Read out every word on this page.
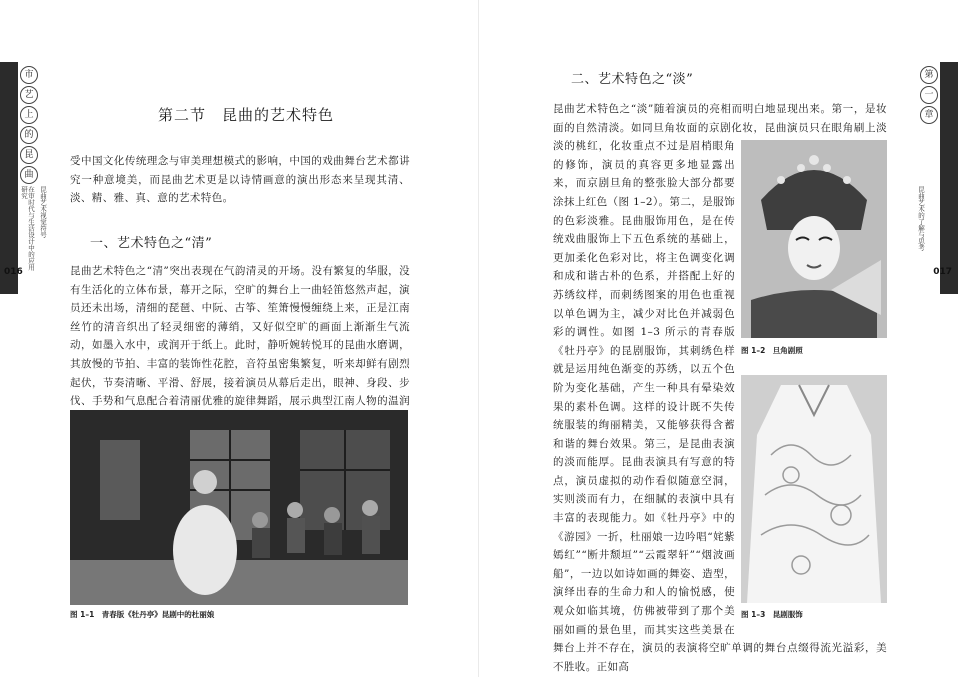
市
艺
上
的
昆
曲
在审时代与生活设计中的应用研究	昆曲艺术视觉符号
016
第二节　昆曲的艺术特色
受中国文化传统理念与审美理想模式的影响，中国的戏曲舞台艺术都讲究一种意境美，而昆曲艺术更是以诗情画意的演出形态来呈现其清、淡、精、雅、真、意的艺术特色。
一、艺术特色之“清”
昆曲艺术特色之“清”突出表现在气韵清灵的开场。没有繁复的华服，没有生活化的立体布景，幕开之际，空旷的舞台上一曲轻笛悠然声起，演员还未出场，清细的琵琶、中阮、古筝、笙箫慢慢缠绕上来，正是江南丝竹的清音织出了轻灵细密的薄绡，又好似空旷的画面上渐渐生气流动，如墨入水中，或润开于纸上。此时，静听婉转悦耳的昆曲水磨调，其放慢的节拍、丰富的装饰性花腔，音符虽密集繁复，听来却鲜有剧烈起伏，节奏清晰、平滑、舒展，接着演员从幕后走出，眼神、身段、步伐、手势和气息配合着清丽优雅的旋律舞蹈，展示典型江南人物的温润
图 1–1　青春版《牡丹亭》昆剧中的杜丽娘
第
一
章
昆曲艺术的了解与思考
017
二、艺术特色之“淡”
图 1–2　旦角剧照
图 1–3　昆剧服饰
昆曲艺术特色之“淡”随着演员的亮相而明白地显现出来。第一，是妆面的自然清淡。如同旦角妆面的京剧化妆，昆曲演员只在眼角刷上淡淡的桃红，化妆重点不过是眉梢眼角的修饰，演员的真容更多地显露出来，而京剧旦角的整张脸大部分都要涂抹上红色（图 1–2）。第二，是服饰的色彩淡雅。昆曲服饰用色，是在传统戏曲服饰上下五色系统的基础上，更加柔化色彩对比，将主色调变化调和成和谐古朴的色系，并搭配上好的苏绣纹样，而刺绣图案的用色也重视以单色调为主，减少对比色并减弱色彩的调性。如图 1–3 所示的青春版《牡丹亭》的昆剧服饰，其刺绣色样就是运用纯色渐变的苏绣，以五个色阶为变化基础，产生一种具有晕染效果的素朴色调。这样的设计既不失传统服装的绚丽精美，又能够获得含蓄和谐的舞台效果。第三，是昆曲表演的淡而能厚。昆曲表演具有写意的特点，演员虚拟的动作看似随意空洞，实则淡而有力，在细腻的表演中具有丰富的表现能力。如《牡丹亭》中的《游园》一折，杜丽娘一边吟唱“姹紫嫣红”“断井颓垣”“云霞翠轩”“烟波画船”，一边以如诗如画的舞姿、造型，演绎出春的生命力和人的愉悦感，使观众如临其境，仿佛被带到了那个美丽如画的景色里，而其实这些美景在舞台上并不存在，演员的表演将空旷单调的舞台点缀得流光溢彩，美不胜收。正如高
